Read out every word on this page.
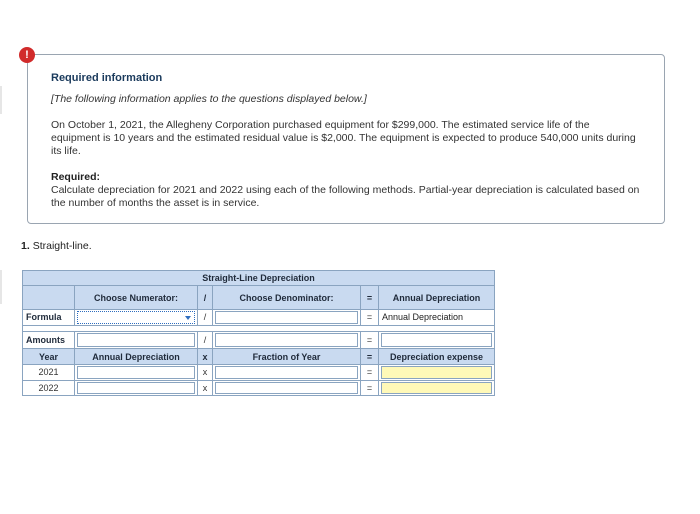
!
Required information
[The following information applies to the questions displayed below.]
On October 1, 2021, the Allegheny Corporation purchased equipment for $299,000. The estimated service life of the equipment is 10 years and the estimated residual value is $2,000. The equipment is expected to produce 540,000 units during its life.
Required:
Calculate depreciation for 2021 and 2022 using each of the following methods. Partial-year depreciation is calculated based on the number of months the asset is in service.
1. Straight-line.
Straight-Line Depreciation
Choose Numerator:	/	Choose Denominator:	=	Annual Depreciation
Formula	/	=	Annual Depreciation
Amounts	/	=
Year	Annual Depreciation	x	Fraction of Year	=	Depreciation expense
2021	x	=
2022	x	=
